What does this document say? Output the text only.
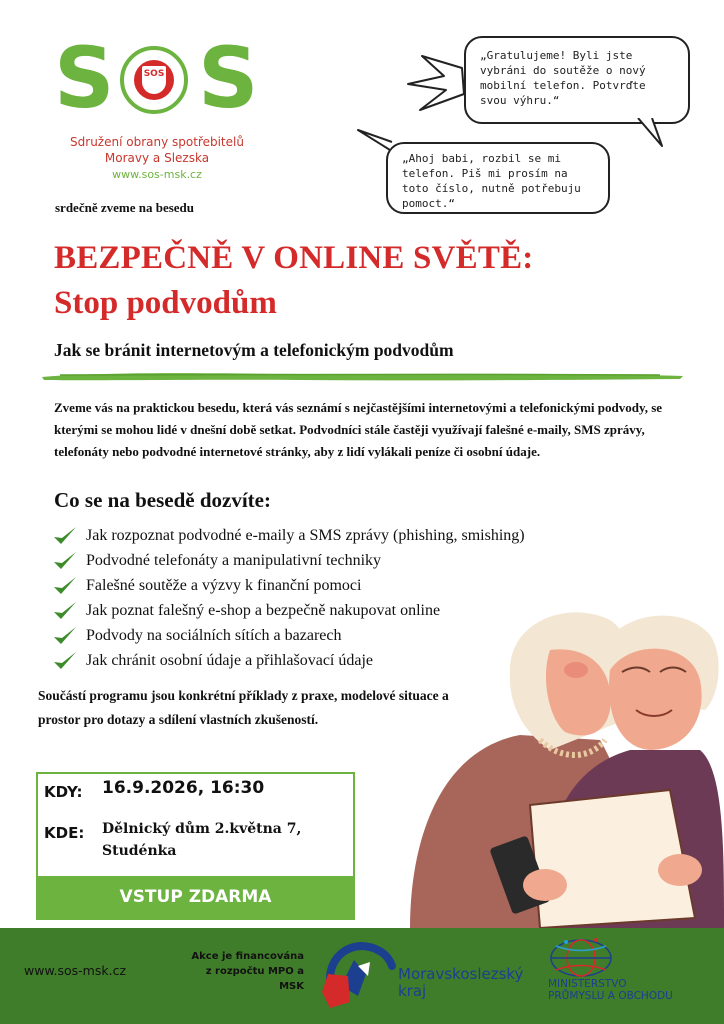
S	SOS S
Sdružení obrany spotřebitelů
Moravy a Slezska
www.sos-msk.cz
„Gratulujeme! Byli jste vybráni do soutěže o nový mobilní telefon. Potvrďte svou výhru.“
„Ahoj babi, rozbil se mi telefon. Piš mi prosím na toto číslo, nutně potřebuju pomoct.“
srdečně zveme na besedu
BEZPEČNĚ V ONLINE SVĚTĚ:
Stop podvodům
Jak se bránit internetovým a telefonickým podvodům
Zveme vás na praktickou besedu, která vás seznámí s nejčastějšími internetovými a telefonickými podvody, se kterými se mohou lidé v dnešní době setkat. Podvodníci stále častěji využívají falešné e-maily, SMS zprávy, telefonáty nebo podvodné internetové stránky, aby z lidí vylákali peníze či osobní údaje.
Co se na besedě dozvíte:
Jak rozpoznat podvodné e-maily a SMS zprávy (phishing, smishing)
Podvodné telefonáty a manipulativní techniky
Falešné soutěže a výzvy k finanční pomoci
Jak poznat falešný e-shop a bezpečně nakupovat online
Podvody na sociálních sítích a bazarech
Jak chránit osobní údaje a přihlašovací údaje
Součástí programu jsou konkrétní příklady z praxe, modelové situace a prostor pro dotazy a sdílení vlastních zkušeností.
KDY: 16.9.2026, 16:30
KDE: Dělnický dům 2.května 7,
Studénka
VSTUP ZDARMA
www.sos-msk.cz
Akce je financována
z rozpočtu MPO a
MSK
Moravskoslezský
kraj	MINISTERSTVO
PRŮMYSLU A OBCHODU
